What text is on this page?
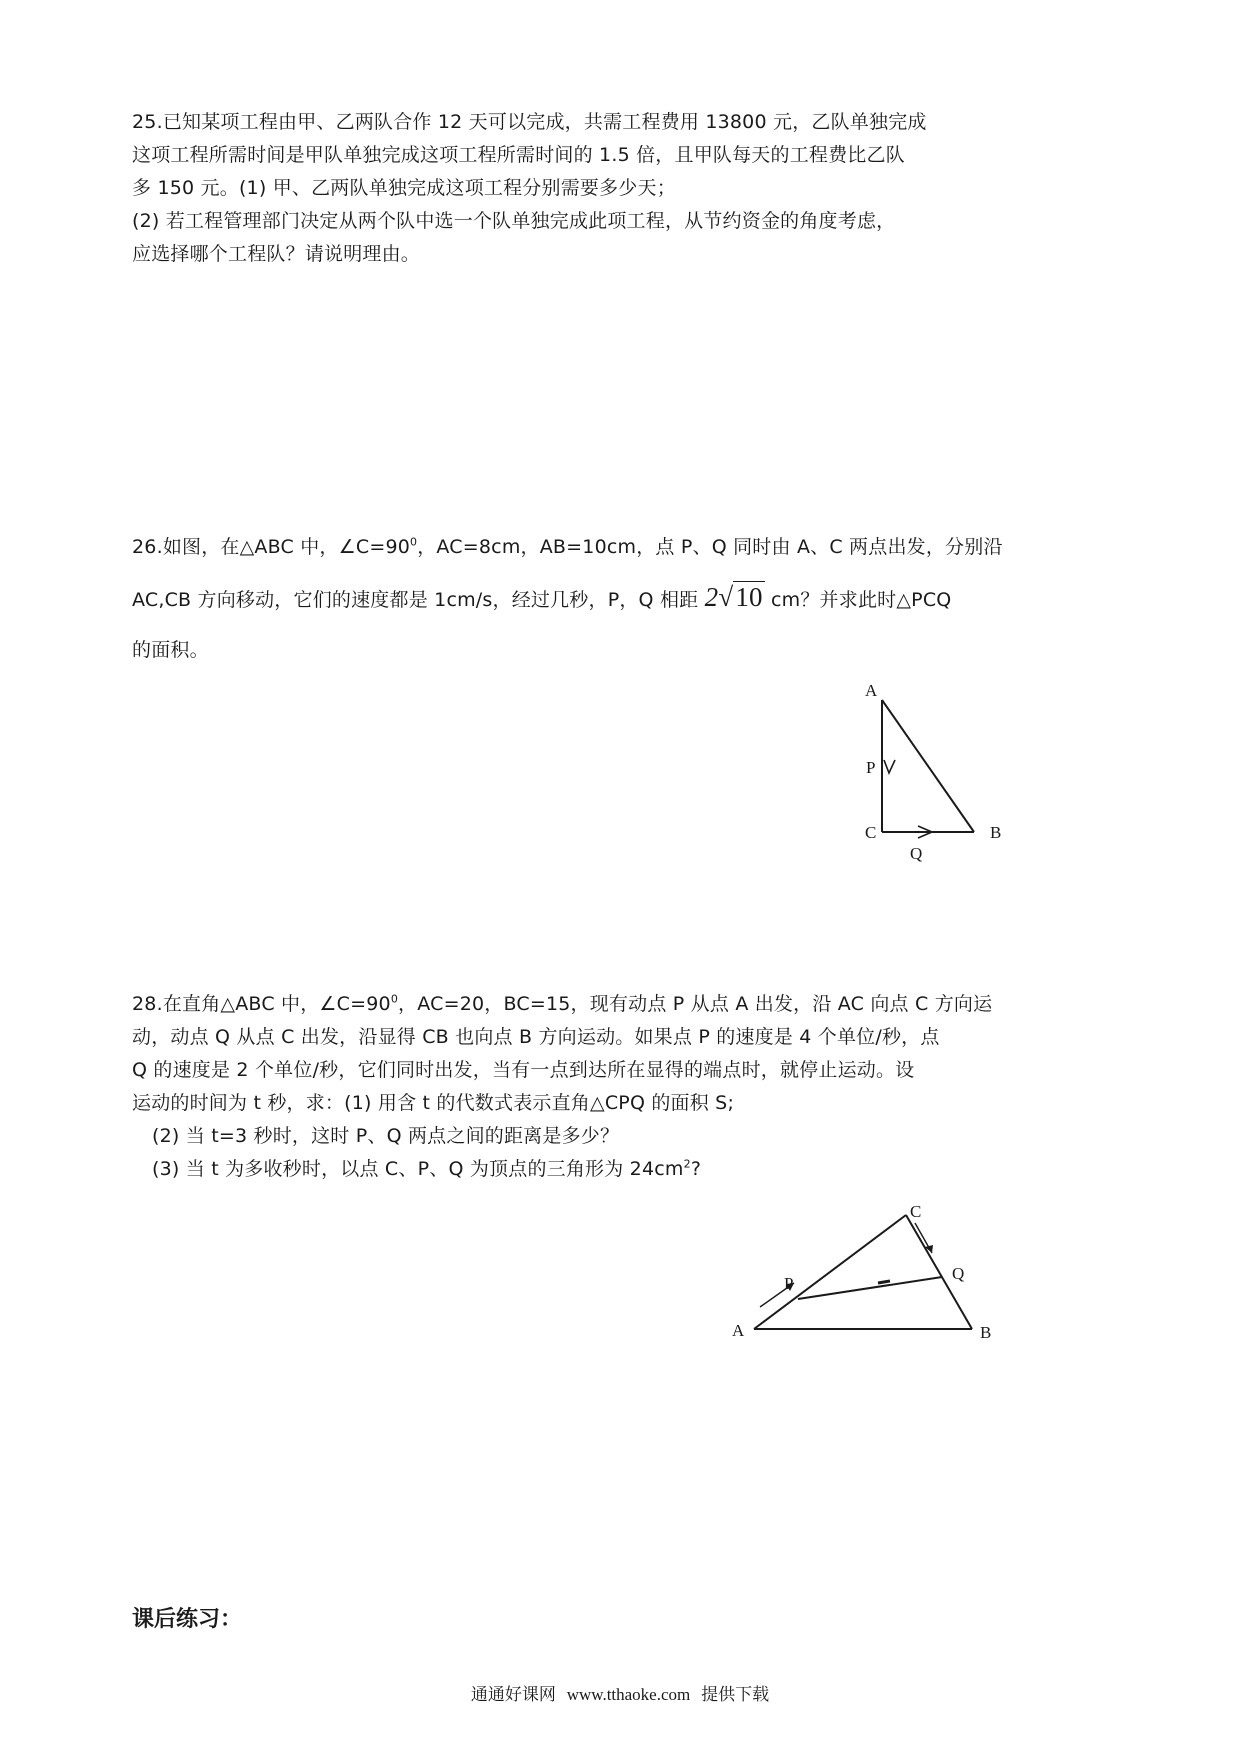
25.已知某项工程由甲、乙两队合作 12 天可以完成，共需工程费用 13800 元，乙队单独完成
这项工程所需时间是甲队单独完成这项工程所需时间的 1.5 倍，且甲队每天的工程费比乙队
多 150 元。(1) 甲、乙两队单独完成这项工程分别需要多少天；
(2) 若工程管理部门决定从两个队中选一个队单独完成此项工程，从节约资金的角度考虑，
应选择哪个工程队？请说明理由。
26.如图，在△ABC 中，$\angle C=90^0$，AC=8cm，AB=10cm，点 P、Q 同时由 A、C 两点出发，分别沿
AC,CB 方向移动，它们的速度都是 1cm/s，经过几秒，P，Q 相距 2√10 cm？并求此时△PCQ
的面积。
A
P
C
Q
B
28.在直角△ABC 中，$\angle C=90^0$，AC=20，BC=15，现有动点 P 从点 A 出发，沿 AC 向点 C 方向运
动，动点 Q 从点 C 出发，沿显得 CB 也向点 B 方向运动。如果点 P 的速度是 4 个单位/秒，点
Q 的速度是 2 个单位/秒，它们同时出发，当有一点到达所在显得的端点时，就停止运动。设
运动的时间为 t 秒，求：(1) 用含 t 的代数式表示直角△CPQ 的面积 S;
(2) 当 t=3 秒时，这时 P、Q 两点之间的距离是多少？
(3) 当 t 为多收秒时，以点 C、P、Q 为顶点的三角形为 $24cm^2$?
C
Q
P
A	B
课后练习：
通通好课网 www.tthaoke.com 提供下载
